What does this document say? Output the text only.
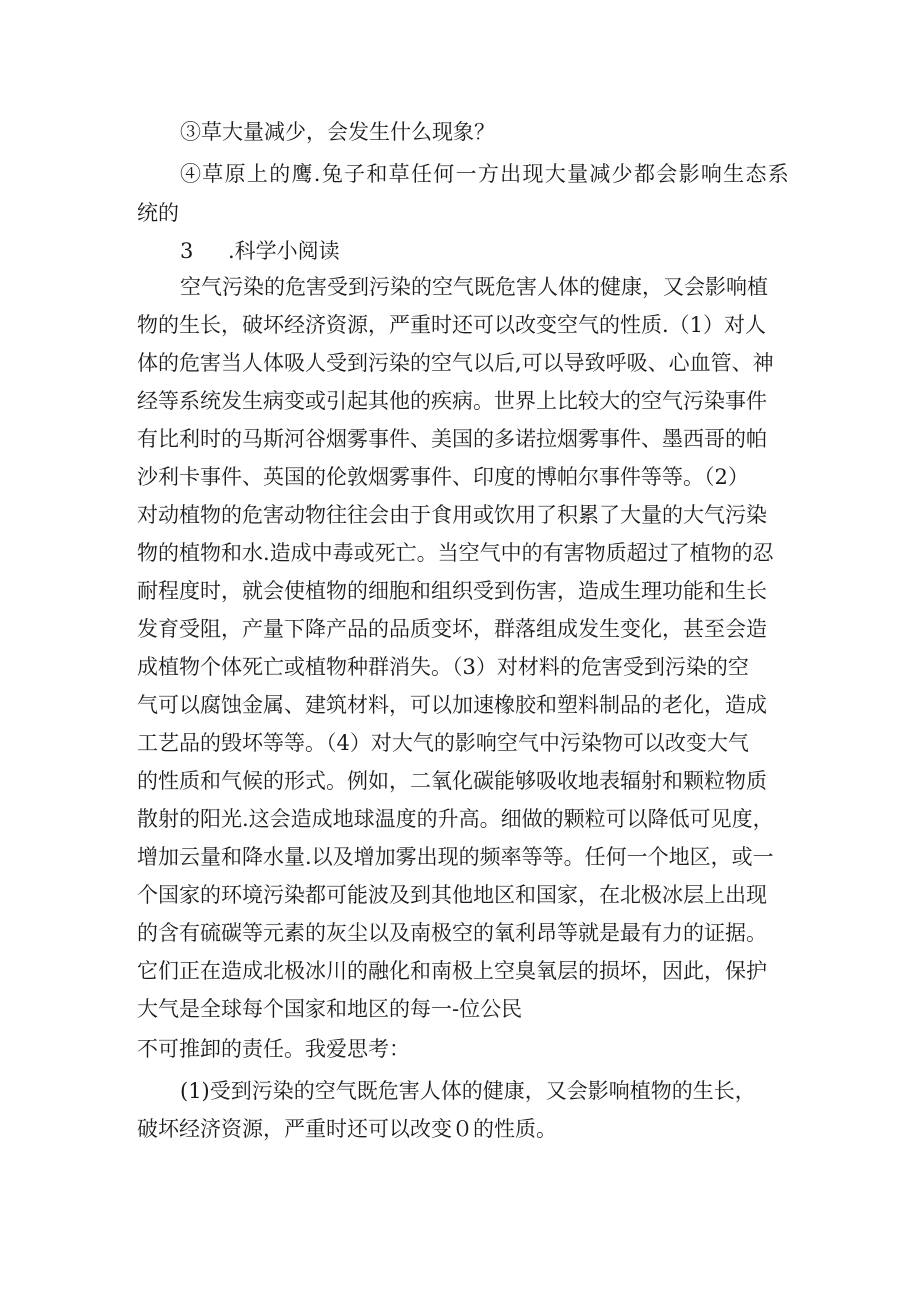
③草大量减少，会发生什么现象？
④草原上的鹰.兔子和草任何一方出现大量减少都会影响生态系
统的
3 .科学小阅读
空气污染的危害受到污染的空气既危害人体的健康，又会影响植
物的生长，破坏经济资源，严重时还可以改变空气的性质.（1）对人
体的危害当人体吸人受到污染的空气以后,可以导致呼吸、心血管、神
经等系统发生病变或引起其他的疾病。世界上比较大的空气污染事件
有比利时的马斯河谷烟雾事件、美国的多诺拉烟雾事件、墨西哥的帕
沙利卡事件、英国的伦敦烟雾事件、印度的博帕尔事件等等。（2）
对动植物的危害动物往往会由于食用或饮用了积累了大量的大气污染
物的植物和水.造成中毒或死亡。当空气中的有害物质超过了植物的忍
耐程度时，就会使植物的细胞和组织受到伤害，造成生理功能和生长
发育受阻，产量下降产品的品质变坏，群落组成发生变化，甚至会造
成植物个体死亡或植物种群消失。（3）对材料的危害受到污染的空
气可以腐蚀金属、建筑材料，可以加速橡胶和塑料制品的老化，造成
工艺品的毁坏等等。（4）对大气的影响空气中污染物可以改变大气
的性质和气候的形式。例如，二氧化碳能够吸收地表辐射和颗粒物质
散射的阳光.这会造成地球温度的升高。细做的颗粒可以降低可见度，
增加云量和降水量.以及增加雾出现的频率等等。任何一个地区，或一
个国家的环境污染都可能波及到其他地区和国家，在北极冰层上出现
的含有硫碳等元素的灰尘以及南极空的氧利昂等就是最有力的证据。
它们正在造成北极冰川的融化和南极上空臭氧层的损坏，因此，保护
大气是全球每个国家和地区的每一-位公民
不可推卸的责任。我爱思考：
(1)受到污染的空气既危害人体的健康，又会影响植物的生长，
破坏经济资源，严重时还可以改变０的性质。
